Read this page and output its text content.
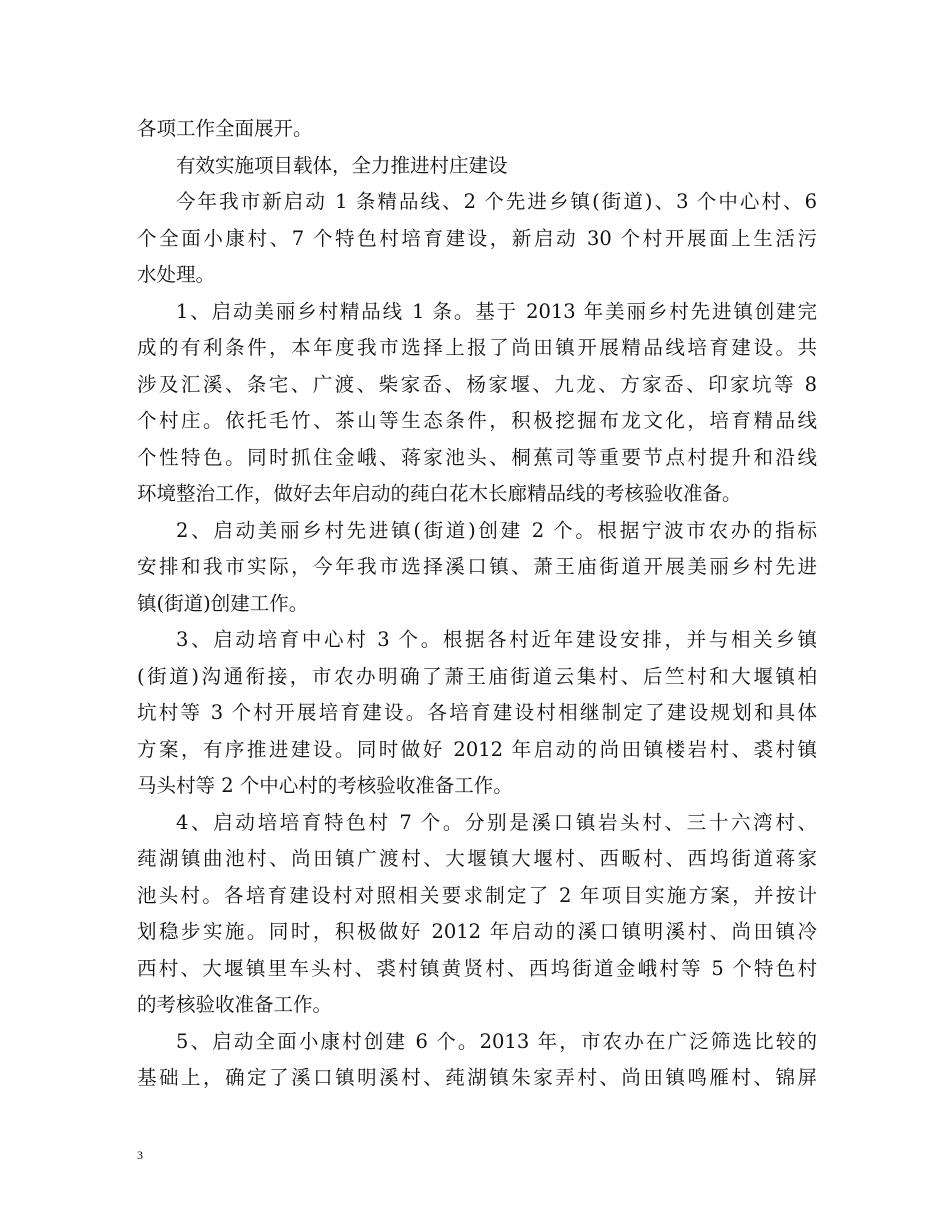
各项工作全面展开。
有效实施项目载体，全力推进村庄建设
今年我市新启动 1 条精品线、2 个先进乡镇(街道)、3 个中心村、6
个全面小康村、7 个特色村培育建设，新启动 30 个村开展面上生活污
水处理。
1、启动美丽乡村精品线 1 条。基于 2013 年美丽乡村先进镇创建完
成的有利条件，本年度我市选择上报了尚田镇开展精品线培育建设。共
涉及汇溪、条宅、广渡、柴家岙、杨家堰、九龙、方家岙、印家坑等 8
个村庄。依托毛竹、茶山等生态条件，积极挖掘布龙文化，培育精品线
个性特色。同时抓住金峨、蒋家池头、桐蕉司等重要节点村提升和沿线
环境整治工作，做好去年启动的莼白花木长廊精品线的考核验收准备。
2、启动美丽乡村先进镇(街道)创建 2 个。根据宁波市农办的指标
安排和我市实际，今年我市选择溪口镇、萧王庙街道开展美丽乡村先进
镇(街道)创建工作。
3、启动培育中心村 3 个。根据各村近年建设安排，并与相关乡镇
(街道)沟通衔接，市农办明确了萧王庙街道云集村、后竺村和大堰镇柏
坑村等 3 个村开展培育建设。各培育建设村相继制定了建设规划和具体
方案，有序推进建设。同时做好 2012 年启动的尚田镇楼岩村、裘村镇
马头村等 2 个中心村的考核验收准备工作。
4、启动培培育特色村 7 个。分别是溪口镇岩头村、三十六湾村、
莼湖镇曲池村、尚田镇广渡村、大堰镇大堰村、西畈村、西坞街道蒋家
池头村。各培育建设村对照相关要求制定了 2 年项目实施方案，并按计
划稳步实施。同时，积极做好 2012 年启动的溪口镇明溪村、尚田镇冷
西村、大堰镇里车头村、裘村镇黄贤村、西坞街道金峨村等 5 个特色村
的考核验收准备工作。
5、启动全面小康村创建 6 个。2013 年，市农办在广泛筛选比较的
基础上，确定了溪口镇明溪村、莼湖镇朱家弄村、尚田镇鸣雁村、锦屏
3
